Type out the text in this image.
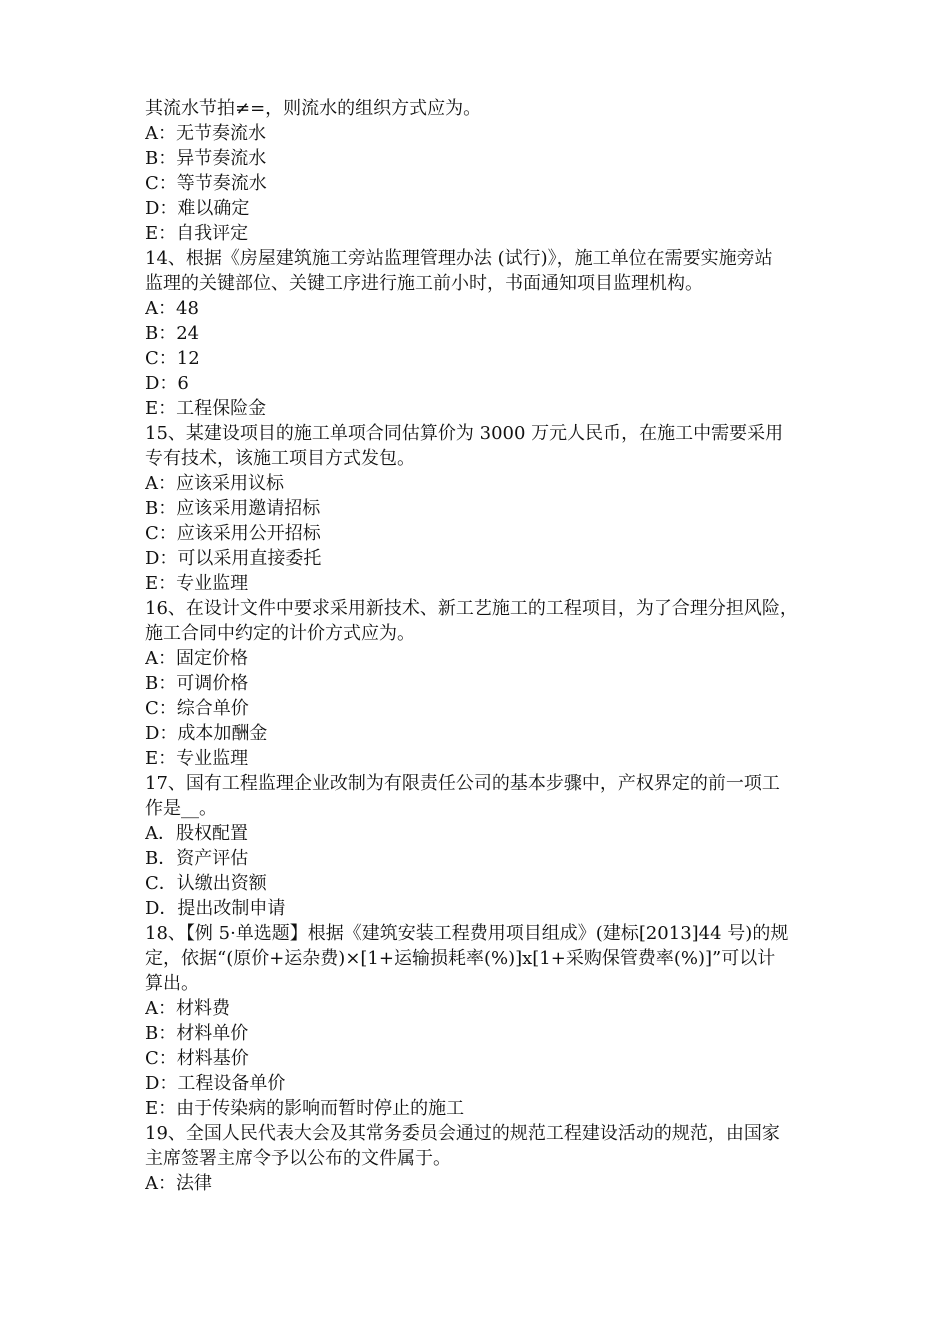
其流水节拍≠=，则流水的组织方式应为。
A：无节奏流水
B：异节奏流水
C：等节奏流水
D：难以确定
E：自我评定
14、根据《房屋建筑施工旁站监理管理办法 (试行)》，施工单位在需要实施旁站
监理的关键部位、关键工序进行施工前小时，书面通知项目监理机构。
A：48
B：24
C：12
D：6
E：工程保险金
15、某建设项目的施工单项合同估算价为 3000 万元人民币，在施工中需要采用
专有技术，该施工项目方式发包。
A：应该采用议标
B：应该采用邀请招标
C：应该采用公开招标
D：可以采用直接委托
E：专业监理
16、在设计文件中要求采用新技术、新工艺施工的工程项目，为了合理分担风险，
施工合同中约定的计价方式应为。
A：固定价格
B：可调价格
C：综合单价
D：成本加酬金
E：专业监理
17、国有工程监理企业改制为有限责任公司的基本步骤中，产权界定的前一项工
作是__。
A．股权配置
B．资产评估
C．认缴出资额
D．提出改制申请
18、【例 5·单选题】根据《建筑安装工程费用项目组成》(建标[2013]44 号)的规
定，依据“(原价+运杂费)×[1+运输损耗率(%)]x[1+采购保管费率(%)]”可以计
算出。
A：材料费
B：材料单价
C：材料基价
D：工程设备单价
E：由于传染病的影响而暂时停止的施工
19、全国人民代表大会及其常务委员会通过的规范工程建设活动的规范，由国家
主席签署主席令予以公布的文件属于。
A：法律
